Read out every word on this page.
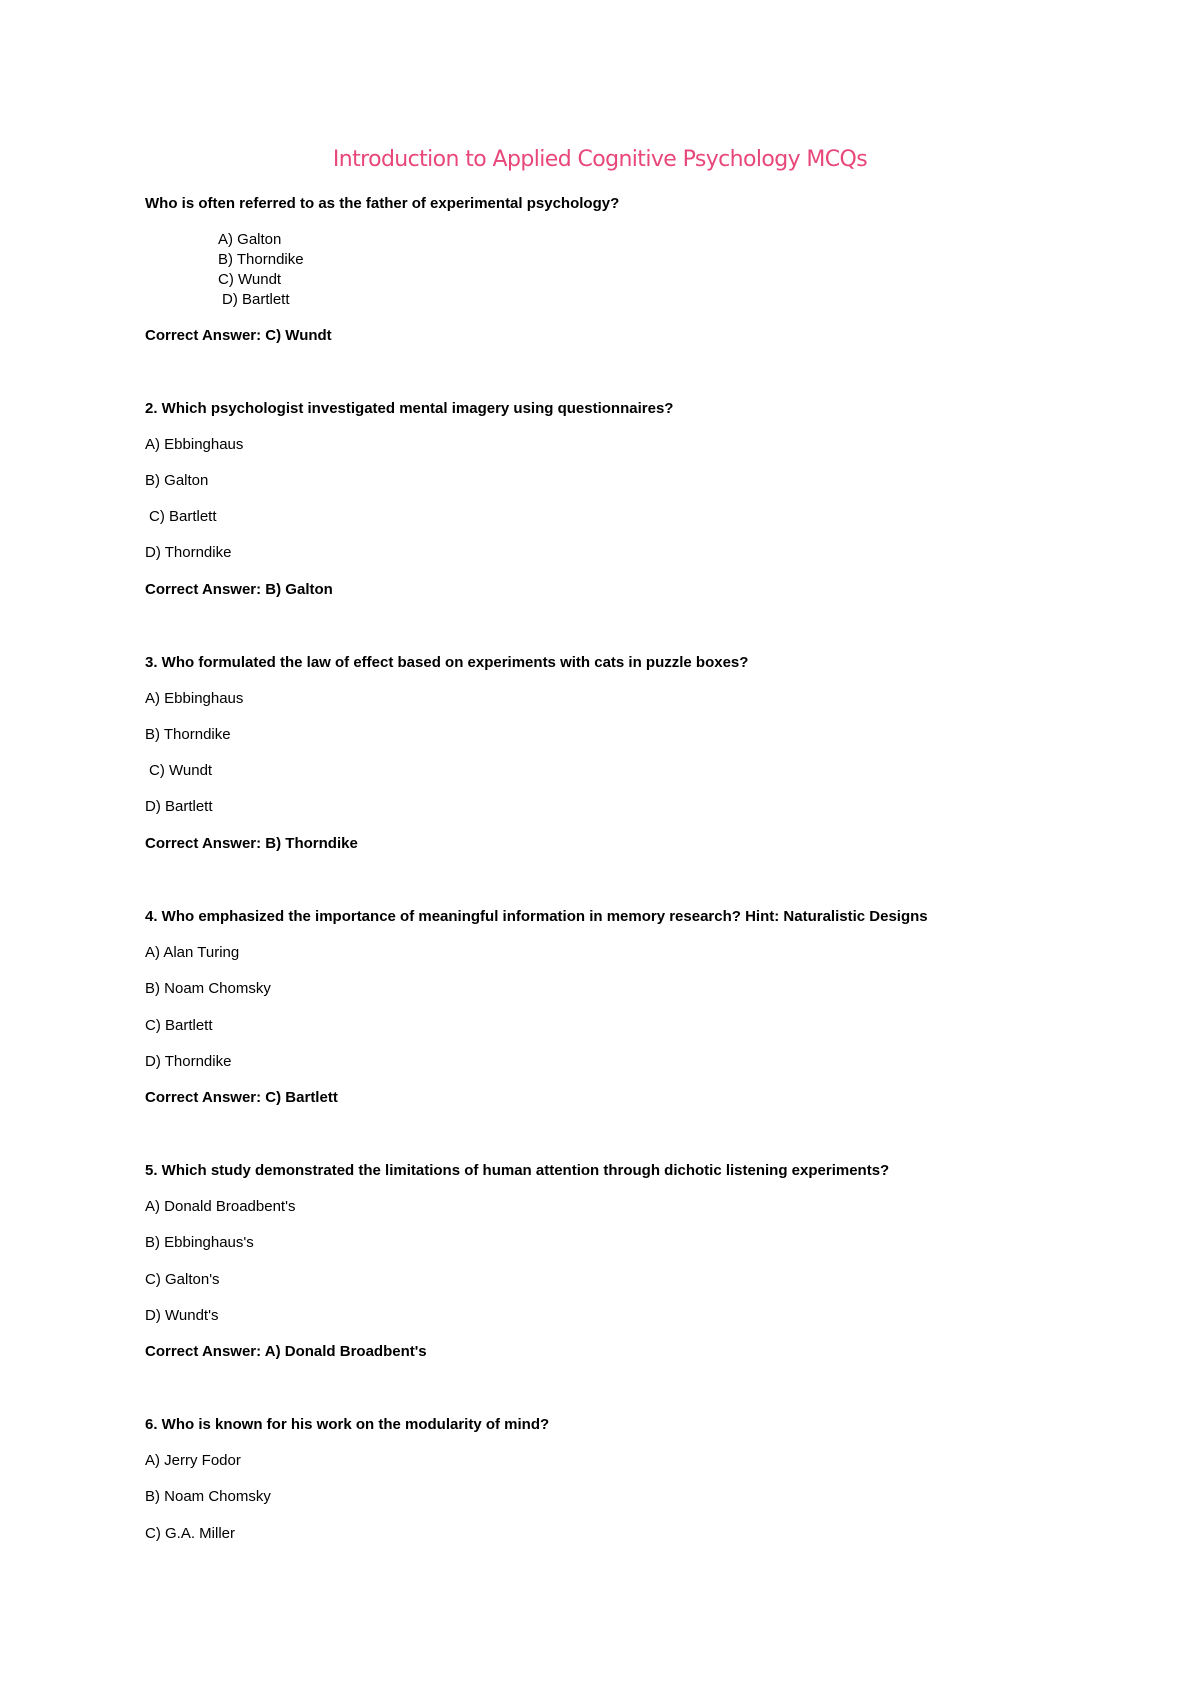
Introduction to Applied Cognitive Psychology MCQs
Who is often referred to as the father of experimental psychology?
A) Galton
B) Thorndike
C) Wundt
D) Bartlett
Correct Answer: C) Wundt
2. Which psychologist investigated mental imagery using questionnaires?
A) Ebbinghaus
B) Galton
C) Bartlett
D) Thorndike
Correct Answer: B) Galton
3. Who formulated the law of effect based on experiments with cats in puzzle boxes?
A) Ebbinghaus
B) Thorndike
C) Wundt
D) Bartlett
Correct Answer: B) Thorndike
4. Who emphasized the importance of meaningful information in memory research? Hint: Naturalistic Designs
A) Alan Turing
B) Noam Chomsky
C) Bartlett
D) Thorndike
Correct Answer: C) Bartlett
5. Which study demonstrated the limitations of human attention through dichotic listening experiments?
A) Donald Broadbent's
B) Ebbinghaus's
C) Galton's
D) Wundt's
Correct Answer: A) Donald Broadbent's
6. Who is known for his work on the modularity of mind?
A) Jerry Fodor
B) Noam Chomsky
C) G.A. Miller
